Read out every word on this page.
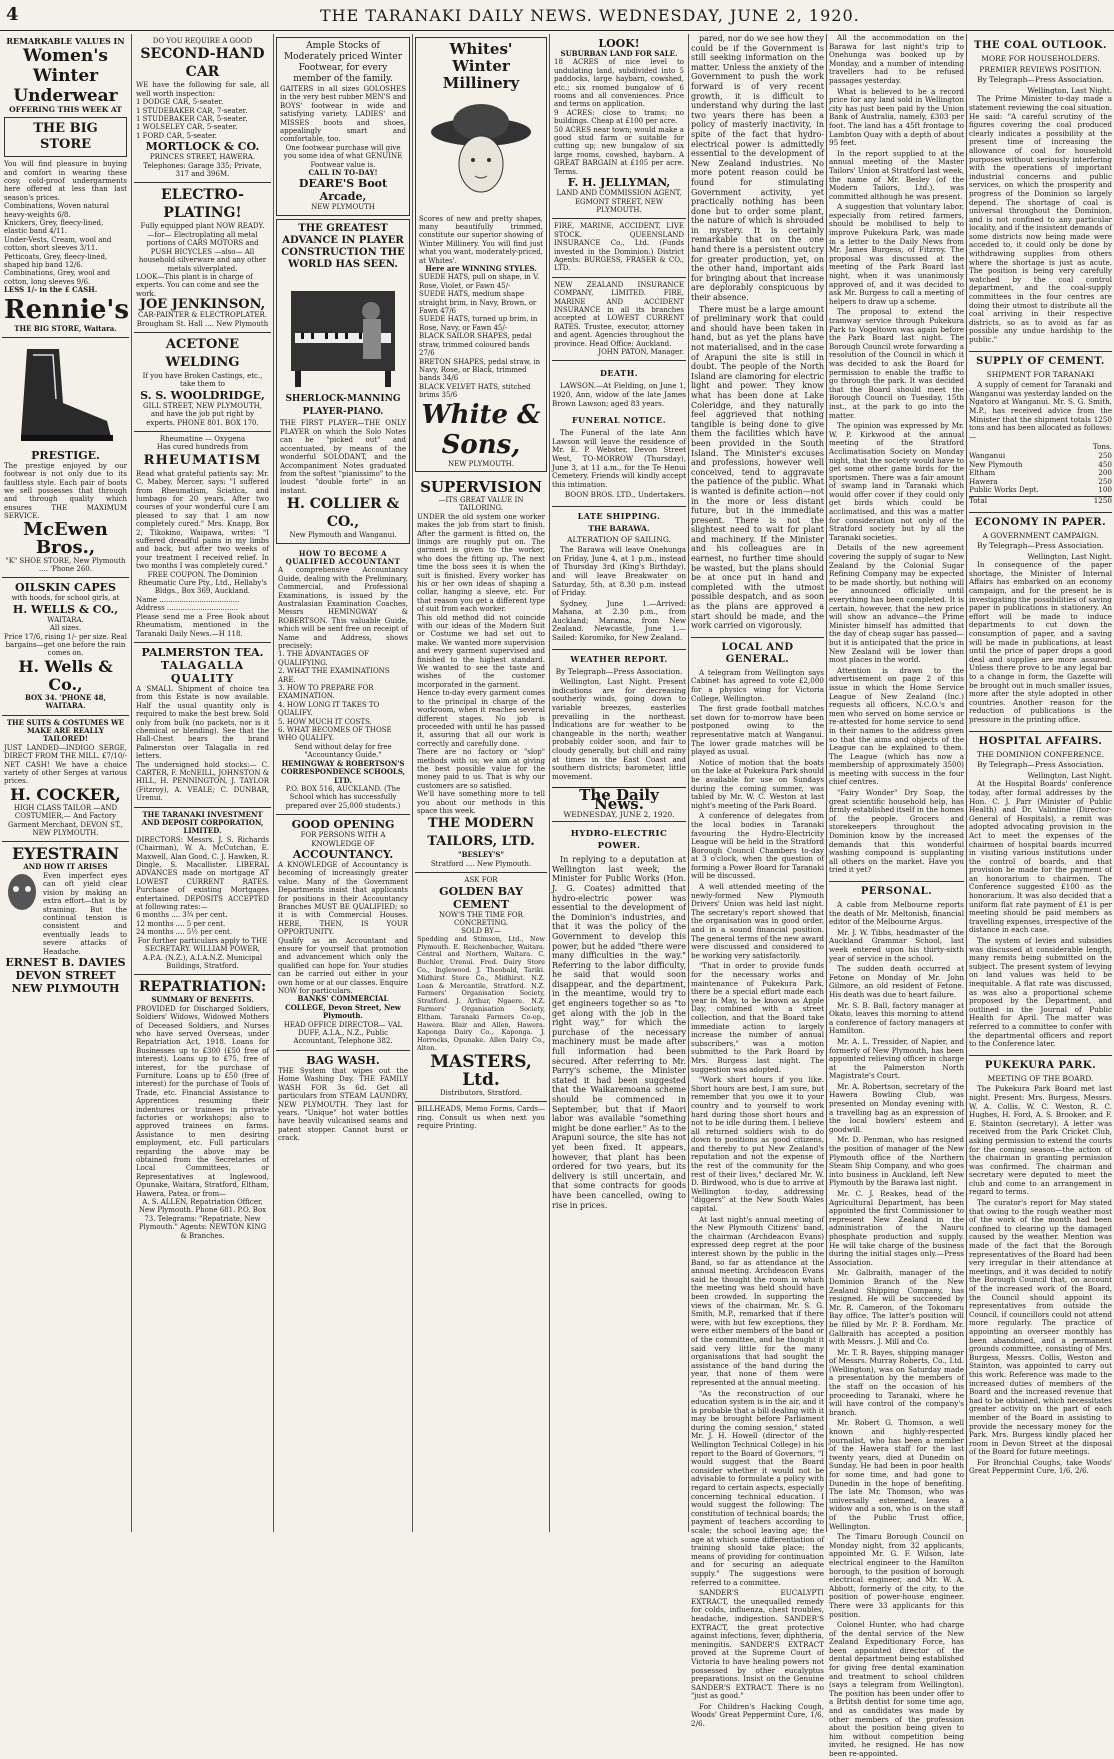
4	THE TARANAKI DAILY NEWS. WEDNESDAY, JUNE 2, 1920.
REMARKABLE VALUES IN
Women's Winter Underwear
OFFERING THIS WEEK AT
THE BIG STORE
You will find pleasure in buying and comfort in wearing these cosy, cold-proof undergarments here offered at less than last season's prices.
Combinations, Woven natural heavy-weights 6/8.
Knickers, Grey, fleecy-lined, elastic band 4/11.
Under-Vests, Cream, wool and cotton, short sleeves 3/11.
Petticoats, Grey, fleecy-lined, shaped hip band 12/6.
Combinations, Grey, wool and cotton, long sleeves 9/6.
LESS 1/- in the £ CASH.
Rennie's
THE BIG STORE, Waitara.
PRESTIGE.
The prestige enjoyed by our footwear is not only due to its faultless style. Each pair of boots we sell possesses that through and through quality which ensures THE MAXIMUM SERVICE.
McEwen Bros.,
"K" SHOE STORE, New Plymouth .... 'Phone 260.
OILSKIN CAPES
with hoods, for school girls, at
H. WELLS & CO.,
WAITARA.
All sizes.
Price 17/6, rising 1/- per size. Real bargains—get one before the rain comes on.
H. Wells & Co.,
BOX 34. 'PHONE 48, WAITARA.
THE SUITS & COSTUMES WE MAKE ARE REALLY TAILORED!
JUST LANDED—INDIGO SERGE, DIRECT FROM THE MILL. £7/10/- NET CASH! We have a choice variety of other Serges at various prices.
H. COCKER,
HIGH CLASS TAILOR —AND COSTUMIER,— And Factory Garment Merchant, DEVON ST., NEW PLYMOUTH.
EYESTRAIN
AND HOW IT ARISES
Even imperfect eyes can oft yield clear vision by making an extra effort—that is by straining. But the continual tension is consistent and eventually leads to severe attacks of Headache.
ERNEST B. DAVIES
DEVON STREET NEW PLYMOUTH
DO YOU REQUIRE A GOOD
SECOND-HAND CAR
WE have the following for sale, all well worth inspection:
1 DODGE CAR, 5-seater.
1 STUDEBAKER CAR, 7-seater.
1 STUDEBAKER CAR, 5-seater.
1 WOLSELEY CAR, 5-seater.
1 FORD CAR, 5-seater.
MORTLOCK & CO.
PRINCES STREET, HAWERA. Telephones: Garage 335; Private, 317 and 396M.
ELECTRO-PLATING!
Fully equipped plant NOW READY. —for— Electroplating all metal portions of CARS MOTORS and PUSH BICYCLES —also— All household silverware and any other metals silverplated.
LOOK—This plant is in charge of experts. You can come and see the work.
JOE JENKINSON,
CAR-PAINTER & ELECTROPLATER. Brougham St. Hall .... New Plymouth
ACETONE WELDING
If you have Broken Castings, etc., take them to
S. S. WOOLDRIDGE,
GILL STREET, NEW PLYMOUTH, and have the job put right by experts. PHONE 801. BOX 170.
Rheumatine — Oxygena
Has cured hundreds from
RHEUMATISM
Read what grateful patients say: Mr. C. Mabey, Mercer, says: "I suffered from Rheumatism, Sciatica, and lumbago for 20 years. After two courses of your wonderful cure I am pleased to say that I am now completely cured." Mrs. Knapp, Box 2, Tikokino, Waipawa, writes: "I suffered dreadful pains in my limbs and back, but after two weeks of your treatment I received relief. In two months I was completely cured."
FREE COUPON. The Dominion Rheumatic Cure Pty., Ltd., Hellaby's Bldgs., Box 369, Auckland.
Name ....................................
Address ................................
Please send me a Free Book about Rheumatism, mentioned in the Taranaki Daily News.—H 118.
PALMERSTON TEA.
TALAGALLA QUALITY
A SMALL Shipment of choice tea from this Estate is now available. Half the usual quantity only is required to make the best brew. Sold only from bulk (no packets, nor is it chemical or blending). See that the Hall-Chest bears the brand Palmerston over Talagalla in red letters.
The undersigned hold stocks:— C. CARTER, F. McNEILL, JOHNSTON & HILL, H. PENNINGTON, J. TAYLOR (Fitzroy), A. VEALE; C. DUNBAR, Urenui.
THE TARANAKI INVESTMENT AND DEPOSIT CORPORATION, LIMITED.
DIRECTORS: Messrs. J. S. Richards (Chairman), W. A. McCutchan, E. Maxwell, Alan Good, C. J. Hawken, R. Dingle, S. Macallister. LIBERAL ADVANCES made on mortgage AT LOWEST CURRENT RATES. Purchase of existing Mortgages entertained. DEPOSITS ACCEPTED at following rates:—
6 months .... 3¾ per cent.
12 months .... 5 per cent.
24 months .... 5½ per cent.
For further particulars apply to THE SECRETARY. WILLIAM POWER, A.P.A. (N.Z.), A.I.A.N.Z. Municipal Buildings, Stratford.
REPATRIATION:
SUMMARY OF BENEFITS.
PROVIDED for Discharged Soldiers, Soldiers' Widows, Widowed Mothers of Deceased Soldiers, and Nurses who have served Overseas, under Repatriation Act, 1918. Loans for Businesses up to £300 (£50 free of interest). Loans up to £75, free of interest, for the purchase of Furniture. Loans up to £50 (free of interest) for the purchase of Tools of Trade, etc. Financial Assistance to Apprentices resuming their indentures or trainees in private factories or workshops; also to approved trainees on farms. Assistance to men desiring employment, etc. Full particulars regarding the above may be obtained from the Secretaries of Local Committees, or Representatives at Inglewood, Opunake, Waitara, Stratford, Eltham, Hawera, Patea, or from—
A. S. ALLEN, Repatriation Officer, New Plymouth. Phone 681. P.O. Box 73. Telegrams: "Repatriate, New Plymouth." Agents: NEWTON KING & Branches.
Ample Stocks of Moderately priced Winter Footwear, for every member of the family.
GAITERS in all sizes GOLOSHES in the very best rubber MEN'S and BOYS' footwear in wide and satisfying variety. LADIES' and MISSES boots and shoes, appealingly smart and comfortable, too.
One footwear purchase will give you some idea of what GENUINE Footwear value is.
CALL IN TO-DAY!
DEARE'S Boot Arcade,
NEW PLYMOUTH
THE GREATEST ADVANCE IN PLAYER CONSTRUCTION THE WORLD HAS SEEN.
SHERLOCK-MANNING PLAYER-PIANO.
THE FIRST PLAYER—THE ONLY PLAYER on which the Solo Notes can be "picked out" and accentuated, by means of the wonderful SOLODANT, and the Accompaniment Notes graduated from the softest "pianissimo" to the loudest "double forte" in an instant.
H. COLLIER & CO.,
New Plymouth and Wanganui.
HOW TO BECOME A QUALIFIED ACCOUNTANT
A comprehensive Accountancy Guide, dealing with the Preliminary, Commercial, and Professional Examinations, is issued by the Australasian Examination Coaches, Messrs HEMINGWAY & ROBERTSON. This valuable Guide, which will be sent free on receipt of Name and Address, shows precisely:
1. THE ADVANTAGES OF QUALIFYING.
2. WHAT THE EXAMINATIONS ARE.
3. HOW TO PREPARE FOR EXAMINATION.
4. HOW LONG IT TAKES TO QUALIFY.
5. HOW MUCH IT COSTS.
6. WHAT BECOMES OF THOSE WHO QUALIFY.
Send without delay for free "Accountancy Guide."
HEMINGWAY & ROBERTSON'S CORRESPONDENCE SCHOOLS, LTD.
P.O. BOX 516, AUCKLAND. (The School which has successfully prepared over 25,000 students.)
GOOD OPENING
FOR PERSONS WITH A KNOWLEDGE OF
ACCOUNTANCY.
A KNOWLEDGE of Accountancy is becoming of increasingly greater value. Many of the Government Departments insist that applicants for positions in their Accountancy Branches MUST BE QUALIFIED; so it is with Commercial Houses. HERE, THEN, IS YOUR OPPORTUNITY.
Qualify as an Accountant and ensure for yourself that promotion and advancement which only the qualified can hope for. Your studies can be carried out either in your own home or at our classes. Enquire NOW for particulars.
BANKS' COMMERCIAL COLLEGE, Devon Street, New Plymouth.
HEAD OFFICE DIRECTOR— VAL DUFF, A.I.A., N.Z., Public Accountant, Telephone 382.
BAG WASH.
THE System that wipes out the Home Washing Day. THE FAMILY WASH FOR 3s 6d. Get all particulars from STEAM LAUNDRY, NEW PLYMOUTH. They last for years. "Unique" hot water bottles have heavily vulcanised seams and patent stopper. Cannot burst or crack.
Whites' Winter Millinery
Scores of new and pretty shapes, many beautifully trimmed, constitute our superior showing of Winter Millinery. You will find just what you want, moderately-priced, at Whites'.
Here are WINNING STYLES.
SUEDE HATS, pull on shape, in V. Rose, Violet, or Fawn 45/-
SUEDE HATS, medium shape straight brim, in Navy, Brown, or Fawn 47/6
SUEDE HATS, turned up brim, in Rose, Navy, or Fawn 45/-
BLACK SAILOR SHAPES, pedal straw, trimmed coloured bands 27/6
BRETON SHAPES, pedal straw, in Navy, Rose, or Black, trimmed bands 34/6
BLACK VELVET HATS, stitched brims 35/6
White & Sons,
NEW PLYMOUTH.
SUPERVISION
—ITS GREAT VALUE IN TAILORING.
UNDER the old system one worker makes the job from start to finish. After the garment is fitted on, the linings are roughly put on. The garment is given to the worker, who does the fitting up. The next time the boss sees it is when the suit is finished. Every worker has his or her own ideas of shaping a collar, hanging a sleeve, etc. For that reason you get a different type of suit from each worker.
This old method did not coincide with our ideas of the Modern Suit or Costume we had set out to make. We wanted more supervision and every garment supervised and finished to the highest standard. We wanted to see the taste and wishes of the customer incorporated in the garment.
Hence to-day every garment comes to the principal in charge of the workroom, when it reaches several different stages. No job is proceeded with until he has passed it, assuring that all our work is correctly and carefully done.
There are no factory or "slop" methods with us; we aim at giving the best possible value for the money paid to us. That is why our customers are so satisfied.
We'll have something more to tell you about our methods in this space this week.
THE MODERN TAILORS, LTD.
"BESLEY'S"
Stratford .... New Plymouth.
ASK FOR
GOLDEN BAY CEMENT
NOW'S THE TIME FOR CONCRETING.
SOLD BY—
Spedding and Stimson, Ltd., New Plymouth. E. Reichenbacher, Waitara. Central and Northern, Waitara. C. Buchler, Urenui. Fred. Dairy Store Co., Inglewood. J. Theobald, Tariki. Midhirst Store Co., Midhirst. N.Z. Loan & Mercantile, Stratford. N.Z. Farmers' Organisation Society, Stratford. J. Arthur, Ngaere. N.Z. Farmers' Organisation Society, Eltham. Taranaki Farmers Co-op., Hawera. Blair and Allen, Hawera. Kaponga Dairy Co., Kaponga. J. Horrocks, Opunake. Allen Dairy Co., Alton.
MASTERS, Ltd.
Distributors, Stratford.
BILLHEADS, Memo Forms, Cards—ring. Consult us when next you require Printing.
LOOK!
SUBURBAN LAND FOR SALE.
18 ACRES of nice level to undulating land, subdivided into 5 paddocks, large haybarn, cowshed, etc.; six roomed bungalow of 6 rooms and all conveniences. Price and terms on application.
9 ACRES: close to trams; no buildings. Cheap at £100 per acre.
50 ACRES near town; would make a good stud farm or suitable for cutting up; new bungalow of six large rooms, cowshed, haybarn. A GREAT BARGAIN at £105 per acre. Terms.
F. H. JELLYMAN,
LAND AND COMMISSION AGENT, EGMONT STREET, NEW PLYMOUTH.
FIRE, MARINE, ACCIDENT, LIVE STOCK. QUEENSLAND INSURANCE Co., Ltd. (Funds invested in the Dominion.) District Agents: BURGESS, FRASER & CO., LTD.
NEW ZEALAND INSURANCE COMPANY, LIMITED. FIRE, MARINE AND ACCIDENT INSURANCE in all its branches accepted at LOWEST CURRENT RATES. Trustee, executor, attorney and agent. Agencies throughout the province. Head Office: Auckland.
JOHN PATON, Manager.
DEATH.

LAWSON.—At Fielding, on June 1, 1920, Ann, widow of the late James Brown Lawson; aged 83 years.

FUNERAL NOTICE.

The Funeral of the late Ann Lawson will leave the residence of Mr. E. P. Webster, Devon Street West, TO-MORROW (Thursday), June 3, at 11 a.m., for the Te Henui Cemetery. Friends will kindly accept this intimation.

BOON BROS. LTD., Undertakers.
LATE SHIPPING.
THE BARAWA.
ALTERATION OF SAILING.

The Barawa will leave Onehunga on Friday, June 4, at 1 p.m., instead of Thursday 3rd (King's Birthday), and will leave Breakwater on Saturday, 5th, at 8.30 p.m. instead of Friday.

Sydney, June 1.—Arrived: Mahana, at 2.30 p.m., from Auckland; Marama, from New Zealand. Newcastle, June 1.—Sailed: Koromiko, for New Zealand.

WEATHER REPORT.
By Telegraph—Press Association.

Wellington, Last Night. Present indications are for decreasing southerly winds, going down to variable breezes, easterlies prevailing in the northeast. Indications are for weather to be changeable in the north; weather probably colder soon, and fair to cloudy generally, but chill and rainy at times in the East Coast and southern districts; barometer, little movement.

The Daily News.
WEDNESDAY, JUNE 2, 1920.
HYDRO-ELECTRIC POWER.

In replying to a deputation at Wellington last week, the Minister for Public Works (Hon. J. G. Coates) admitted that hydro-electric power was essential to the development of the Dominion's industries, and that it was the policy of the Government to develop this power, but he added "there were many difficulties in the way." Referring to the labor difficulty, he said that would soon disappear, and the department, in the meantime, would try to get engineers together so as "to get along with the job in the right way," for which the purchase of the necessary machinery must be made after full information had been secured. After referring to Mr. Parry's scheme, the Minister stated it had been suggested that the Waikaremoana scheme should be commenced in September, but that if Maori labor was available "something might be done earlier." As to the Arapuni source, the site has not yet been fixed. It appears, however, that plant has been ordered for two years, but its delivery is still uncertain, and that some contracts for goods have been cancelled, owing to rise in prices.

pared, nor do we see how they could be if the Government is still seeking information on the matter. Unless the anxiety of the Government to push the work forward is of very recent growth, it is difficult to understand why during the last two years there has been a policy of masterly inactivity, in spite of the fact that hydro-electrical power is admittedly essential to the development of New Zealand industries. No more potent reason could be found for stimulating Government activity, yet practically nothing has been done but to order some plant, the nature of which is shrouded in mystery. It is certainly remarkable that on the one hand there is a persistent outcry for greater production, yet, on the other hand, important aids for bringing about that increase are deplorably conspicuous by their absence.

There must be a large amount of preliminary work that could and should have been taken in hand, but as yet the plans have not materialised, and in the case of Arapuni the site is still in doubt. The people of the North Island are clamoring for electric light and power. They know what has been done at Lake Coleridge, and they naturally feel aggrieved that nothing tangible is being done to give them the facilities which have been provided in the South Island. The Minister's excuses and professions, however well conceived, tend to aggravate the patience of the public. What is wanted is definite action—not in the more or less distant future, but in the immediate present. There is not the slightest need to wait for plant and machinery. If the Minister and his colleagues are in earnest, no further time should be wasted, but the plans should be at once put in hand and completed with the utmost possible despatch, and as soon as the plans are approved a start should be made, and the work carried on vigorously.

LOCAL AND GENERAL.

A telegram from Wellington says Cabinet has agreed to vote £2,000 for a physics wing for Victoria College, Wellington.

The first grade football matches set down for to-morrow have been postponed owing to the representative match at Wanganui. The lower grade matches will be played as usual.

Notice of motion that the boats on the lake at Pukekura Park should be available for use on Sundays during the coming summer, was tabled by Mr. W. C. Weston at last night's meeting of the Park Board.

A conference of delegates from the local bodies in Taranaki favouring the Hydro-Electricity League will be held in the Stratford Borough Council Chambers to-day at 3 o'clock, when the question of forming a Power Board for Taranaki will be discussed.

A well attended meeting of the newly-formed New Plymouth Drivers' Union was held last night. The secretary's report showed that the organisation was in good order, and in a sound financial position. The general terms of the new award were discussed and considered to be working very satisfactorily.

"That in order to provide funds for the necessary works and maintenance of Pukekura Park, there be a special effort made each year in May, to be known as Apple Day, combined with a street collection, and that the Board take immediate action to largely increase the number of annual subscribers," was a motion submitted to the Park Board by Mrs. Burgess last night. The suggestion was adopted.

"Work short hours if you like. Short hours are best, I am sure, but remember that you owe it to your country and to yourself to work hard during those short hours and not to be idle during them. I believe all returned soldiers wish to do down to positions as good citizens, and thereby to put New Zealand's reputation and not the expense of the rest of the community for the rest of their lives," declared Mr. W. D. Birdwood, who is due to arrive at Wellington to-day, addressing "diggers" at the New South Wales capital.

At last night's annual meeting of the New Plymouth Citizens' band, the chairman (Archdeacon Evans) expressed deep regret at the poor interest shown by the public in the Band, so far as attendance at the annual meeting. Archdeacon Evans said he thought the room in which the meeting was held should have been crowded. In supporting the views of the chairman, Mr. S. G. Smith, M.P., remarked that if there were, with but few exceptions, they were either members of the band or of the committee, and he thought it said very little for the many organisations that had sought the assistance of the band during the year, that none of them were represented at the annual meeting.

"As the reconstruction of our education system is in the air, and it is probable that a bill dealing with it may be brought before Parliament during the coming session," stated Mr. J. H. Howell (director of the Wellington Technical College) in his report to the Board of Governors, "I would suggest that the Board consider whether it would not be advisable to formulate a policy with regard to certain aspects, especially concerning technical education. I would suggest the following: The constitution of technical boards; the payment of teachers according to scale; the school leaving age; the age at which some differentiation of training should take place; the means of providing for continuation and for securing an adequate supply." The suggestions were referred to a committee.

SANDER'S EUCALYPTI EXTRACT, the unequalled remedy for colds, influenza, chest troubles, headache, indigestion. SANDER'S EXTRACT, the great protective against infections, fever, diphtheria, meningitis. SANDER'S EXTRACT proved at the Supreme Court of Victoria to have healing powers not possessed by other eucalyptus preparations. Insist on the Genuine SANDER'S EXTRACT. There is no "just as good."

For Children's Hacking Cough, Woods' Great Peppermint Cure, 1/6, 2/6.

All the accommodation on the Barawa for last night's trip to Onehunga was booked up by Monday, and a number of intending travellers had to be refused passages yesterday.

What is believed to be a record price for any land sold in Wellington city has just been paid by the Union Bank of Australia, namely, £303 per foot. The land has a 45ft frontage to Lambton Quay with a depth of about 95 feet.

In the report supplied to at the annual meeting of the Master Tailors' Union at Stratford last week, the name of Mr. Besley (of the Modern Tailors, Ltd.), was committed although he was present.

A suggestion that voluntary labor, especially from retired farmers, should be mobilised to help to improve Pukekura Park, was made in a letter to the Daily News from Mr. James Burgess, of Fitzroy. The proposal was discussed at the meeting of the Park Board last night, when it was unanimously approved of, and it was decided to ask Mr. Burgess to call a meeting of helpers to draw up a scheme.

The proposal to extend the tramway service through Pukekura Park to Vogeltown was again before the Park Board last night. The Borough Council wrote forwarding a resolution of the Council in which it was decided to ask the Board for permission to enable the traffic to go through the park. It was decided that the Board should meet the Borough Council on Tuesday, 15th inst., at the park to go into the matter.

The opinion was expressed by Mr. W. P. Kirkwood at the annual meeting of the Stratford Acclimatisation Society on Monday night, that the society would have to get some other game birds for the sportsmen. There was a fair amount of swamp land in Taranaki which would offer cover if they could only get birds which could be acclimatised, and this was a matter for consideration not only of the Stratford society but by all the Taranaki societies.

Details of the new agreement covering the supply of sugar to New Zealand by the Colonial Sugar Refining Company may be expected to be made shortly, but nothing will be announced officially until everything has been completed. It is certain, however, that the new price will show an advance—the Prime Minister himself has admitted that the day of cheap sugar has passed—but it is anticipated that the price in New Zealand will be lower than most places in the world.

Attention is drawn to the advertisement on page 2 of this issue in which the Home Service League of New Zealand (Inc.) requests all officers, N.C.O.'s and men who served on home service or re-attested for home service to send in their names to the address given so that the aims and objects of the League can be explained to them. The League (which has now a membership of approximately 3500) is meeting with success in the four chief centres.

"Fairy Wonder" Dry Soap, the great scientific household help, has firmly established itself in the homes of the people. Grocers and storekeepers throughout the Dominion know by the increased demands that this wonderful washing compound is supplanting all others on the market. Have you tried it yet?

PERSONAL.

A cable from Melbourne reports the death of Mr. Meltonish, financial editor of the Melbourne Argus.

Mr. J. W. Tibbs, headmaster of the Auckland Grammar School, last week entered upon his thirty-sixth year of service in the school.

The sudden death occurred at Fetone on Monday of Mr. John Gilmore, an old resident of Fetone. His death was due to heart failure.

Mr. S. B. Ball, factory manager at Okato, leaves this morning to attend a conference of factory managers at Hamilton.

Mr. A. L. Tressider, of Napier, and formerly of New Plymouth, has been appointed relieving officer in charge at the Palmerston North Magistrate's Court.

Mr. A. Robertson, secretary of the Hawera Bowling Club, was presented on Monday evening with a travelling bag as an expression of the local bowlers' esteem and goodwill.

Mr. D. Penman, who has resigned the position of manager of the New Plymouth office of the Northern Steam Ship Company, and who goes into business in Auckland, left New Plymouth by the Barawa last night.

Mr. C. J. Reakes, head of the Agricultural Department, has been appointed the first Commissioner to represent New Zealand in the administration of the Nauru phosphate production and supply. He will take charge of the business during the initial stages only.—Press Association.

Mr. Galbraith, manager of the Dominion Branch of the New Zealand Shipping Company, has resigned. He will be succeeded by Mr. R. Cameron, of the Tokomaru Bay office. The latter's position will be filled by Mr. P. B. Fordham. Mr. Galbraith has accepted a position with Messrs. J. Mill and Co.

Mr. T. R. Bayes, shipping manager of Messrs. Murray Roberts, Co., Ltd. (Wellington), was on Saturday made a presentation by the members of the staff on the occasion of his proceeding to Taranaki, where he will have control of the company's branch.

Mr. Robert G. Thomson, a well known and highly-respected journalist, who has been a member of the Hawera staff for the last twenty years, died at Dunedin on Sunday. He had been in poor health for some time, and had gone to Dunedin in the hope of benefiting. The late Mr. Thomson, who was universally esteemed, leaves a widow and a son, who is on the staff of the Public Trust office, Wellington.

The Timaru Borough Council on Monday night, from 32 applicants, appointed Mr. G. F. Wilson, late electrical engineer to the Hamilton borough, to the position of borough electrical engineer, and Mr. W. A. Abbott, formerly of the city, to the position of power-house engineer. There were 33 applicants for this position.

Colonel Hunter, who had charge of the dental service of the New Zealand Expeditionary Force, has been appointed director of the dental department being established for giving free dental examination and treatment to school children (says a telegram from Wellington). The position has been under offer to a Brtitsh dentist for some time ago, and as candidates was made by other members of the profession about the position being given to him without competition being invited, he resigned. He has now been re-appointed.

THE COAL OUTLOOK.
MORE FOR HOUSEHOLDERS.
PREMIER REVIEWS POSITION.
By Telegraph—Press Association.
Wellington, Last Night.

The Prime Minister to-day made a statement reviewing the coal situation. He said: "A careful scrutiny of the figures covering the coal produced clearly indicates a possibility at the present time of increasing the allowance of coal for household purposes without seriously interfering with the operations of important industrial concerns and public services, on which the prosperity and progress of the Dominion so largely depend. The shortage of coal is universal throughout the Dominion, and is not confined to any particular locality, and if the insistent demands of some districts now being made were acceded to, it could only be done by withdrawing supplies from others where the shortage is just as acute. The position is being very carefully watched by the coal control department, and the coal-supply committees in the four centres are doing their utmost to distribute all the coal arriving in their respective districts, so as to avoid as far as possible any undue hardship to the public."

SUPPLY OF CEMENT.
SHIPMENT FOR TARANAKI

A supply of cement for Taranaki and Wanganui was yesterday landed on the Ngatoro at Wanganui. Mr. S. G. Smith, M.P., has received advice from the Minister that the shipment totals 1250 tons and has been allocated as follows:—

Tons.
Wanganui	250
New Plymouth	450
Eltham	200
Hawera	250
Public Works Dept.	100
Total	1250
ECONOMY IN PAPER.
A GOVERNMENT CAMPAIGN.
By Telegraph—Press Association.
Wellington, Last Night.

In consequence of the paper shortage, the Minister of Internal Affairs has embarked on an economy campaign, and for the present he is investigating the possibilities of saving paper in publications in stationery. An effort will be made to induce departments to cut down the consumption of paper, and a saving will be made in publications, at least until the price of paper drops a good deal and supplies are more assured. Unless there prove to be any legal bar to a change in form, the Gazette will be brought out in much smaller issues, more after the style adopted in other countries. Another reason for the reduction of publications is the pressure in the printing office.

HOSPITAL AFFAIRS.
THE DOMINION CONFERENCE.
By Telegraph—Press Association.
Wellington, Last Night.

At the Hospital Boards' conference today, after formal addresses by the Hon. C. J. Parr (Minister of Public Health) and Dr. Valintine (Director-General of Hospitals), a remit was adopted advocating provision in the Act to meet the expenses of the chairmen of hospital boards incurred in visiting various institutions under the control of boards, and that provision be made for the payment of an honorarium to chairmen. The Conference suggested £100 as the honorarium. It was also decided that a uniform flat rate payment of £1 is per meeting should be paid members as travelling expenses, irrespective of the distance in each case.

The system of levies and subsidies was discussed at considerable length, many remits being submitted on the subject. The present system of levying on land values was held to be inequitable. A flat rate was discussed, as was also a proportional scheme proposed by the Department, and outlined in the Journal of Public Health for April. The matter was referred to a committee to confer with the departmental officers and report to the Conference later.

PUKEKURA PARK.
MEETING OF THE BOARD.

The Pukekura Park Board met last night. Present: Mrs. Burgess, Messrs. W. A. Collis, W. C. Weston, R. C. Hughes, H. Ford, A. S. Brooker, and F. E. Stainton (secretary). A letter was received from the Park Cricket Club, asking permission to extend the courts for the coming season—the action of the chairman in granting permission was confirmed. The chairman and secretary were deputed to meet the club and come to an arrangement in regard to terms.

The curator's report for May stated that owing to the rough weather most of the work of the month had been confined to clearing up the damaged caused by the weather. Mention was made of the fact that the Borough representatives of the Board had been very irregular in their attendance at meetings, and it was decided to notify the Borough Council that, on account of the increased work of the Board, the Council should appoint its representatives from outside the Council, if councillors could not attend more regularly. The practice of appointing an overseer monthly has been abandoned, and a permanent grounds committee, consisting of Mrs. Burgess, Messrs. Collis, Weston and Stainton, was appointed to carry out this work. Reference was made to the increased duties of members of the Board and the increased revenue that had to be obtained, which necessitates greater activity on the part of each member of the Board in assisting to provide the necessary money for the Park. Mrs. Burgess kindly placed her room in Devon Street at the disposal of the Board for future meetings.

For Bronchial Coughs, take Woods' Great Peppermint Cure, 1/6, 2/6.
